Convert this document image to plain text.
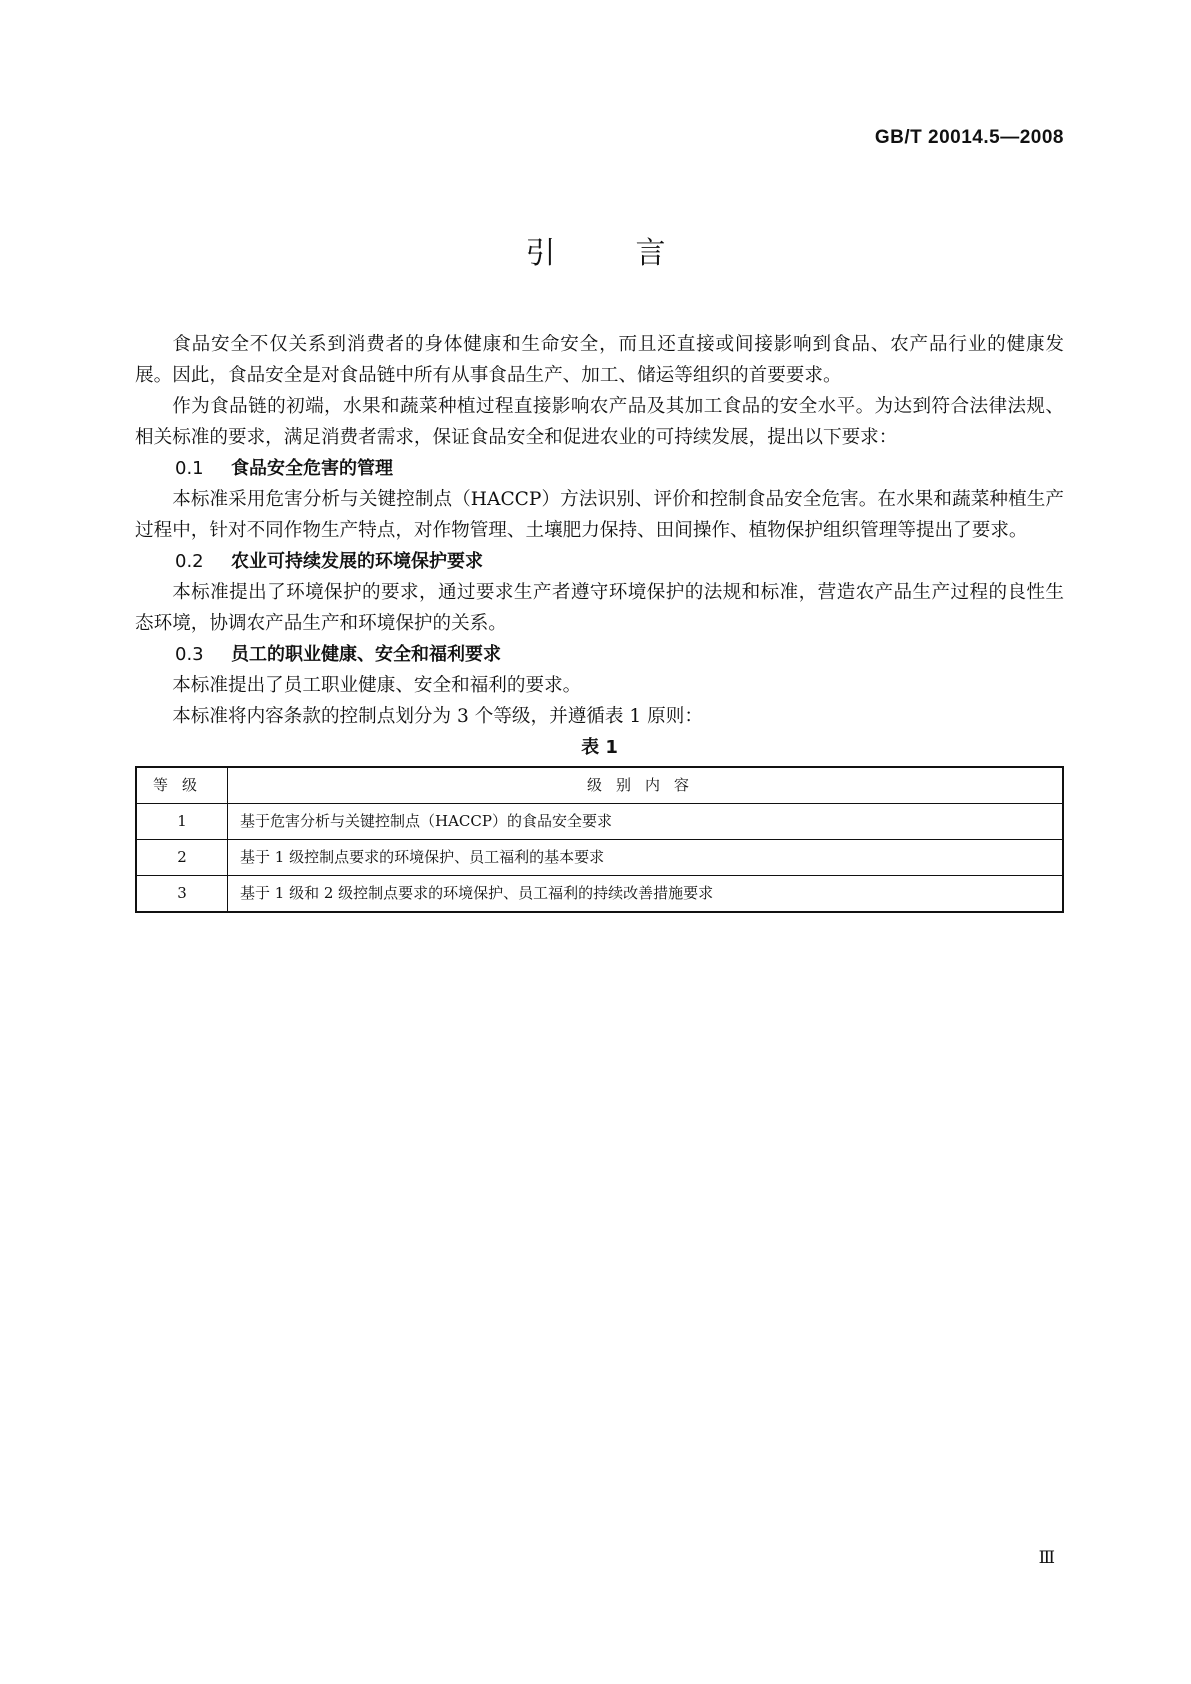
GB/T 20014.5—2008
引言

食品安全不仅关系到消费者的身体健康和生命安全，而且还直接或间接影响到食品、农产品行业的健康发展。因此，食品安全是对食品链中所有从事食品生产、加工、储运等组织的首要要求。

作为食品链的初端，水果和蔬菜种植过程直接影响农产品及其加工食品的安全水平。为达到符合法律法规、相关标准的要求，满足消费者需求，保证食品安全和促进农业的可持续发展，提出以下要求：

0.1 食品安全危害的管理

本标准采用危害分析与关键控制点（HACCP）方法识别、评价和控制食品安全危害。在水果和蔬菜种植生产过程中，针对不同作物生产特点，对作物管理、土壤肥力保持、田间操作、植物保护组织管理等提出了要求。

0.2 农业可持续发展的环境保护要求

本标准提出了环境保护的要求，通过要求生产者遵守环境保护的法规和标准，营造农产品生产过程的良性生态环境，协调农产品生产和环境保护的关系。

0.3 员工的职业健康、安全和福利要求

本标准提出了员工职业健康、安全和福利的要求。

本标准将内容条款的控制点划分为 3 个等级，并遵循表 1 原则：

表 1

等级	级别内容
1	基于危害分析与关键控制点（HACCP）的食品安全要求
2	基于 1 级控制点要求的环境保护、员工福利的基本要求
3	基于 1 级和 2 级控制点要求的环境保护、员工福利的持续改善措施要求
Ⅲ
